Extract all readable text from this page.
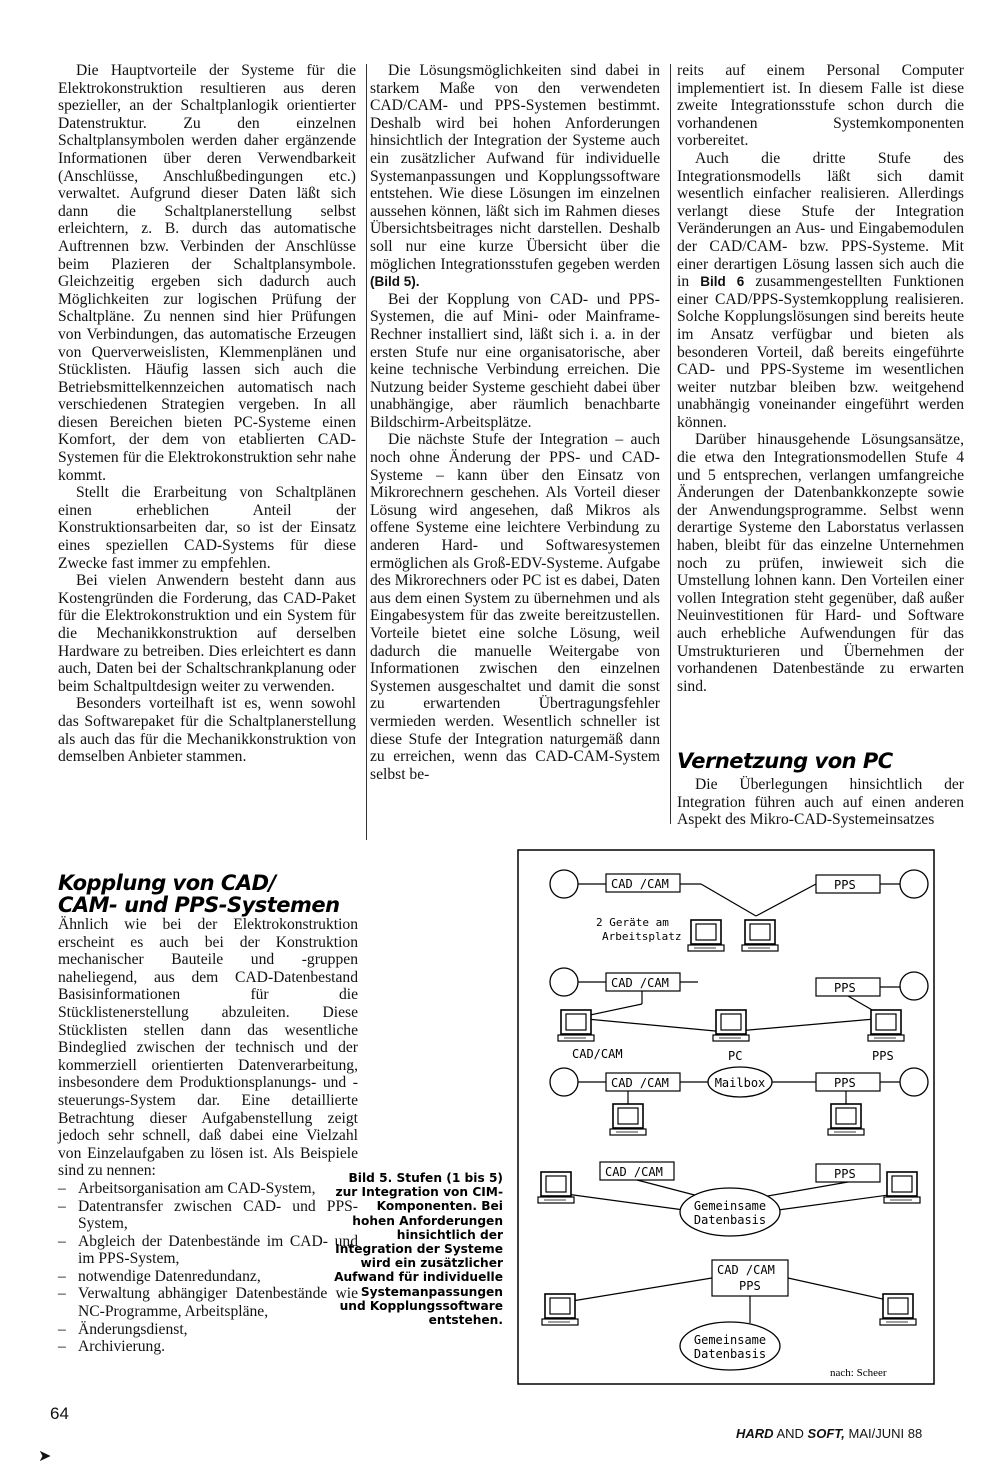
Die Hauptvorteile der Systeme für die Elektrokonstruktion resultieren aus deren spezieller, an der Schaltplanlogik orientierter Datenstruktur. Zu den einzelnen Schaltplansymbolen werden daher ergänzende Informationen über deren Verwendbarkeit (Anschlüsse, Anschlußbedingungen etc.) verwaltet. Aufgrund dieser Daten läßt sich dann die Schaltplanerstellung selbst erleichtern, z. B. durch das automatische Auftrennen bzw. Verbinden der Anschlüsse beim Plazieren der Schaltplansymbole. Gleichzeitig ergeben sich dadurch auch Möglichkeiten zur logischen Prüfung der Schaltpläne. Zu nennen sind hier Prüfungen von Verbindungen, das automatische Erzeugen von Querverweislisten, Klemmenplänen und Stücklisten. Häufig lassen sich auch die Betriebsmittelkennzeichen automatisch nach verschiedenen Strategien vergeben. In all diesen Bereichen bieten PC-Systeme einen Komfort, der dem von etablierten CAD-Systemen für die Elektrokonstruktion sehr nahe kommt.

Stellt die Erarbeitung von Schaltplänen einen erheblichen Anteil der Konstruktionsarbeiten dar, so ist der Einsatz eines speziellen CAD-Systems für diese Zwecke fast immer zu empfehlen.

Bei vielen Anwendern besteht dann aus Kostengründen die Forderung, das CAD-Paket für die Elektrokonstruktion und ein System für die Mechanikkonstruktion auf derselben Hardware zu betreiben. Dies erleichtert es dann auch, Daten bei der Schaltschrankplanung oder beim Schaltpultdesign weiter zu verwenden.

Besonders vorteilhaft ist es, wenn sowohl das Softwarepaket für die Schaltplanerstellung als auch das für die Mechanikkonstruktion von demselben Anbieter stammen.

Kopplung von CAD/
CAM- und PPS-Systemen

Ähnlich wie bei der Elektrokonstruktion erscheint es auch bei der Konstruktion mechanischer Bauteile und -gruppen naheliegend, aus dem CAD-Datenbestand Basisinformationen für die Stücklistenerstellung abzuleiten. Diese Stücklisten stellen dann das wesentliche Bindeglied zwischen der technisch und der kommerziell orientierten Datenverarbeitung, insbesondere dem Produktionsplanungs- und -steuerungs-System dar. Eine detaillierte Betrachtung dieser Aufgabenstellung zeigt jedoch sehr schnell, daß dabei eine Vielzahl von Einzelaufgaben zu lösen ist. Als Beispiele sind zu nennen:

– Arbeitsorganisation am CAD-System,
– Datentransfer zwischen CAD- und PPS-System,
– Abgleich der Datenbestände im CAD- und im PPS-System,
– notwendige Datenredundanz,
– Verwaltung abhängiger Datenbestände wie NC-Programme, Arbeitspläne,
– Änderungsdienst,
– Archivierung.

Die Lösungsmöglichkeiten sind dabei in starkem Maße von den verwendeten CAD/CAM- und PPS-Systemen bestimmt. Deshalb wird bei hohen Anforderungen hinsichtlich der Integration der Systeme auch ein zusätzlicher Aufwand für individuelle Systemanpassungen und Kopplungssoftware entstehen. Wie diese Lösungen im einzelnen aussehen können, läßt sich im Rahmen dieses Übersichtsbeitrages nicht darstellen. Deshalb soll nur eine kurze Übersicht über die möglichen Integrationsstufen gegeben werden (Bild 5).

Bei der Kopplung von CAD- und PPS-Systemen, die auf Mini- oder Mainframe-Rechner installiert sind, läßt sich i. a. in der ersten Stufe nur eine organisatorische, aber keine technische Verbindung erreichen. Die Nutzung beider Systeme geschieht dabei über unabhängige, aber räumlich benachbarte Bildschirm-Arbeitsplätze.

Die nächste Stufe der Integration – auch noch ohne Änderung der PPS- und CAD-Systeme – kann über den Einsatz von Mikrorechnern geschehen. Als Vorteil dieser Lösung wird angesehen, daß Mikros als offene Systeme eine leichtere Verbindung zu anderen Hard- und Softwaresystemen ermöglichen als Groß-EDV-Systeme. Aufgabe des Mikrorechners oder PC ist es dabei, Daten aus dem einen System zu übernehmen und als Eingabesystem für das zweite bereitzustellen. Vorteile bietet eine solche Lösung, weil dadurch die manuelle Weitergabe von Informationen zwischen den einzelnen Systemen ausgeschaltet und damit die sonst zu erwartenden Übertragungsfehler vermieden werden. Wesentlich schneller ist diese Stufe der Integration naturgemäß dann zu erreichen, wenn das CAD-CAM-System selbst be-

reits auf einem Personal Computer implementiert ist. In diesem Falle ist diese zweite Integrationsstufe schon durch die vorhandenen Systemkomponenten vorbereitet.

Auch die dritte Stufe des Integrationsmodells läßt sich damit wesentlich einfacher realisieren. Allerdings verlangt diese Stufe der Integration Veränderungen an Aus- und Eingabemodulen der CAD/CAM- bzw. PPS-Systeme. Mit einer derartigen Lösung lassen sich auch die in Bild 6 zusammengestellten Funktionen einer CAD/PPS-Systemkopplung realisieren. Solche Kopplungslösungen sind bereits heute im Ansatz verfügbar und bieten als besonderen Vorteil, daß bereits eingeführte CAD- und PPS-Systeme im wesentlichen weiter nutzbar bleiben bzw. weitgehend unabhängig voneinander eingeführt werden können.

Darüber hinausgehende Lösungsansätze, die etwa den Integrationsmodellen Stufe 4 und 5 entsprechen, verlangen umfangreiche Änderungen der Datenbankkonzepte sowie der Anwendungsprogramme. Selbst wenn derartige Systeme den Laborstatus verlassen haben, bleibt für das einzelne Unternehmen noch zu prüfen, inwieweit sich die Umstellung lohnen kann. Den Vorteilen einer vollen Integration steht gegenüber, daß außer Neuinvestitionen für Hard- und Software auch erhebliche Aufwendungen für das Umstrukturieren und Übernehmen der vorhandenen Datenbestände zu erwarten sind.

Vernetzung von PC

Die Überlegungen hinsichtlich der Integration führen auch auf einen anderen Aspekt des Mikro-CAD-Systemeinsatzes

Bild 5. Stufen (1 bis 5) zur Integration von CIM-Komponenten. Bei hohen Anforderungen hinsichtlich der Integration der Systeme wird ein zusätzlicher Aufwand für individuelle Systemanpassungen und Kopplungssoftware entstehen.
CAD /CAM	PPS
2 Geräte am
Arbeitsplatz
CAD /CAM	PPS
CAD/CAM	PC	PPS
CAD /CAM	Mailbox	PPS
CAD /CAM	PPS
Gemeinsame
Datenbasis
CAD /CAM
PPS
Gemeinsame
Datenbasis
nach: Scheer
64
HARD AND SOFT, MAI/JUNI 88
➤
